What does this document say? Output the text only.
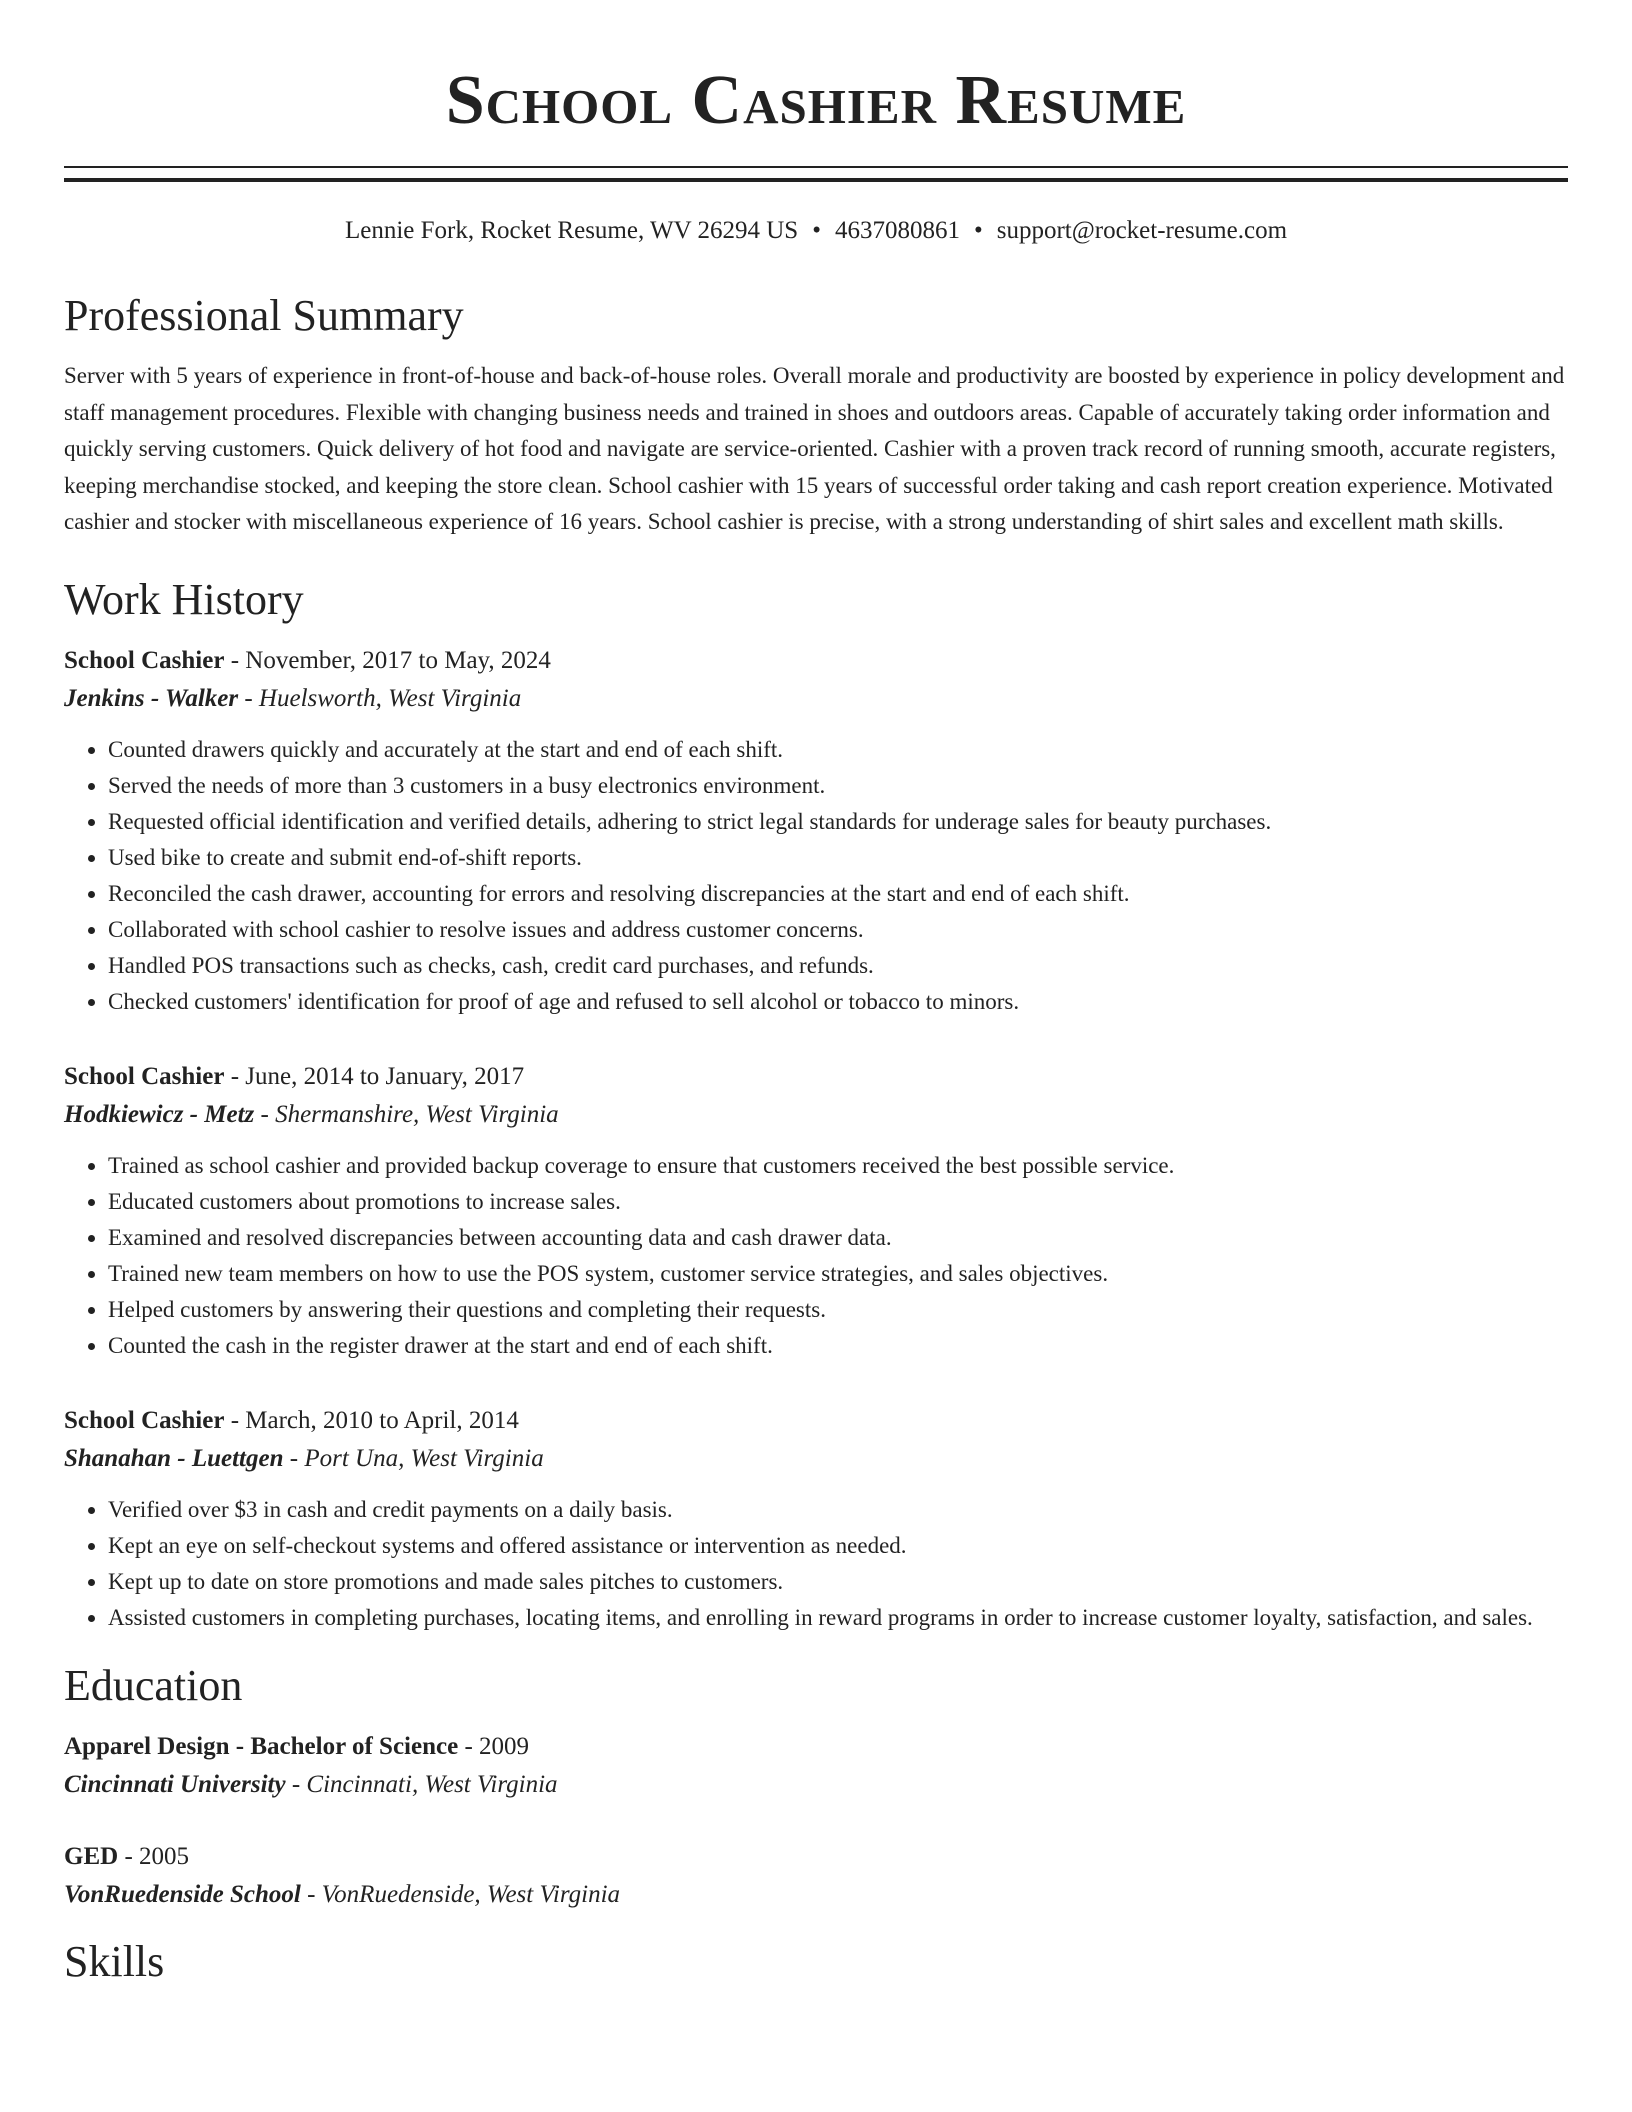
School Cashier Resume
Lennie Fork, Rocket Resume, WV 26294 US • 4637080861 • support@rocket-resume.com
Professional Summary

Server with 5 years of experience in front-of-house and back-of-house roles. Overall morale and productivity are boosted by experience in policy development and staff management procedures. Flexible with changing business needs and trained in shoes and outdoors areas. Capable of accurately taking order information and quickly serving customers. Quick delivery of hot food and navigate are service-oriented. Cashier with a proven track record of running smooth, accurate registers, keeping merchandise stocked, and keeping the store clean. School cashier with 15 years of successful order taking and cash report creation experience. Motivated cashier and stocker with miscellaneous experience of 16 years. School cashier is precise, with a strong understanding of shirt sales and excellent math skills.

Work History
School Cashier - November, 2017 to May, 2024
Jenkins - Walker - Huelsworth, West Virginia
• Counted drawers quickly and accurately at the start and end of each shift.
• Served the needs of more than 3 customers in a busy electronics environment.
• Requested official identification and verified details, adhering to strict legal standards for underage sales for beauty purchases.
• Used bike to create and submit end-of-shift reports.
• Reconciled the cash drawer, accounting for errors and resolving discrepancies at the start and end of each shift.
• Collaborated with school cashier to resolve issues and address customer concerns.
• Handled POS transactions such as checks, cash, credit card purchases, and refunds.
• Checked customers' identification for proof of age and refused to sell alcohol or tobacco to minors.
School Cashier - June, 2014 to January, 2017
Hodkiewicz - Metz - Shermanshire, West Virginia
• Trained as school cashier and provided backup coverage to ensure that customers received the best possible service.
• Educated customers about promotions to increase sales.
• Examined and resolved discrepancies between accounting data and cash drawer data.
• Trained new team members on how to use the POS system, customer service strategies, and sales objectives.
• Helped customers by answering their questions and completing their requests.
• Counted the cash in the register drawer at the start and end of each shift.
School Cashier - March, 2010 to April, 2014
Shanahan - Luettgen - Port Una, West Virginia
• Verified over $3 in cash and credit payments on a daily basis.
• Kept an eye on self-checkout systems and offered assistance or intervention as needed.
• Kept up to date on store promotions and made sales pitches to customers.
• Assisted customers in completing purchases, locating items, and enrolling in reward programs in order to increase customer loyalty, satisfaction, and sales.
Education
Apparel Design - Bachelor of Science - 2009
Cincinnati University - Cincinnati, West Virginia
GED - 2005
VonRuedenside School - VonRuedenside, West Virginia
Skills
